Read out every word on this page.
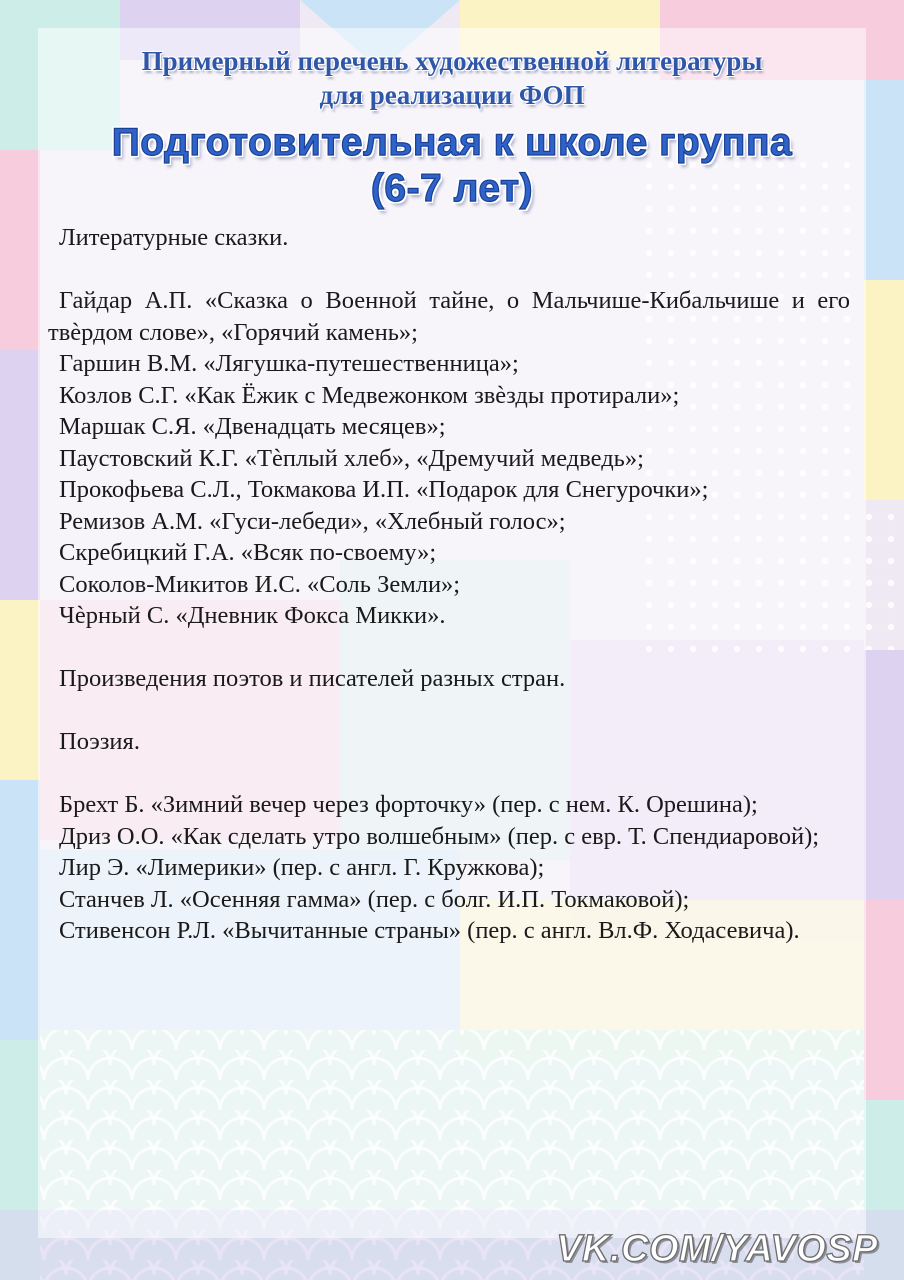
Примерный перечень художественной литературы
для реализации ФОП
Подготовительная к школе группа
(6-7 лет)

Литературные сказки.

Гайдар А.П. «Сказка о Военной тайне, о Мальчише-Кибальчише и его твѐрдом слове», «Горячий камень»;

Гаршин В.М. «Лягушка-путешественница»;

Козлов С.Г. «Как Ёжик с Медвежонком звѐзды протирали»;

Маршак С.Я. «Двенадцать месяцев»;

Паустовский К.Г. «Тѐплый хлеб», «Дремучий медведь»;

Прокофьева С.Л., Токмакова И.П. «Подарок для Снегурочки»;

Ремизов А.М. «Гуси-лебеди», «Хлебный голос»;

Скребицкий Г.А. «Всяк по-своему»;

Соколов-Микитов И.С. «Соль Земли»;

Чѐрный С. «Дневник Фокса Микки».

Произведения поэтов и писателей разных стран.

Поэзия.

Брехт Б. «Зимний вечер через форточку» (пер. с нем. К. Орешина);

Дриз О.О. «Как сделать утро волшебным» (пер. с евр. Т. Спендиаровой);

Лир Э. «Лимерики» (пер. с англ. Г. Кружкова);

Станчев Л. «Осенняя гамма» (пер. с болг. И.П. Токмаковой);

Стивенсон Р.Л. «Вычитанные страны» (пер. с англ. Вл.Ф. Ходасевича).

VK.COM/YAVOSP
